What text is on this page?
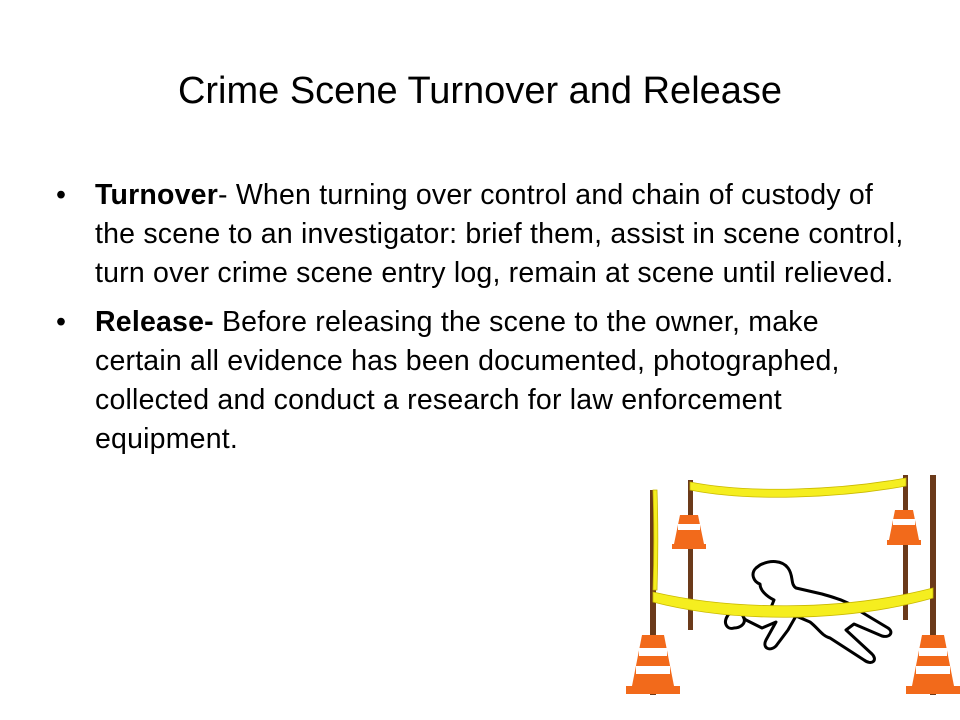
Crime Scene Turnover and Release
• Turnover- When turning over control and chain of custody of the scene to an investigator: brief them, assist in scene control, turn over crime scene entry log, remain at scene until relieved.
• Release- Before releasing the scene to the owner, make certain all evidence has been documented, photographed, collected and conduct a research for law enforcement equipment.
